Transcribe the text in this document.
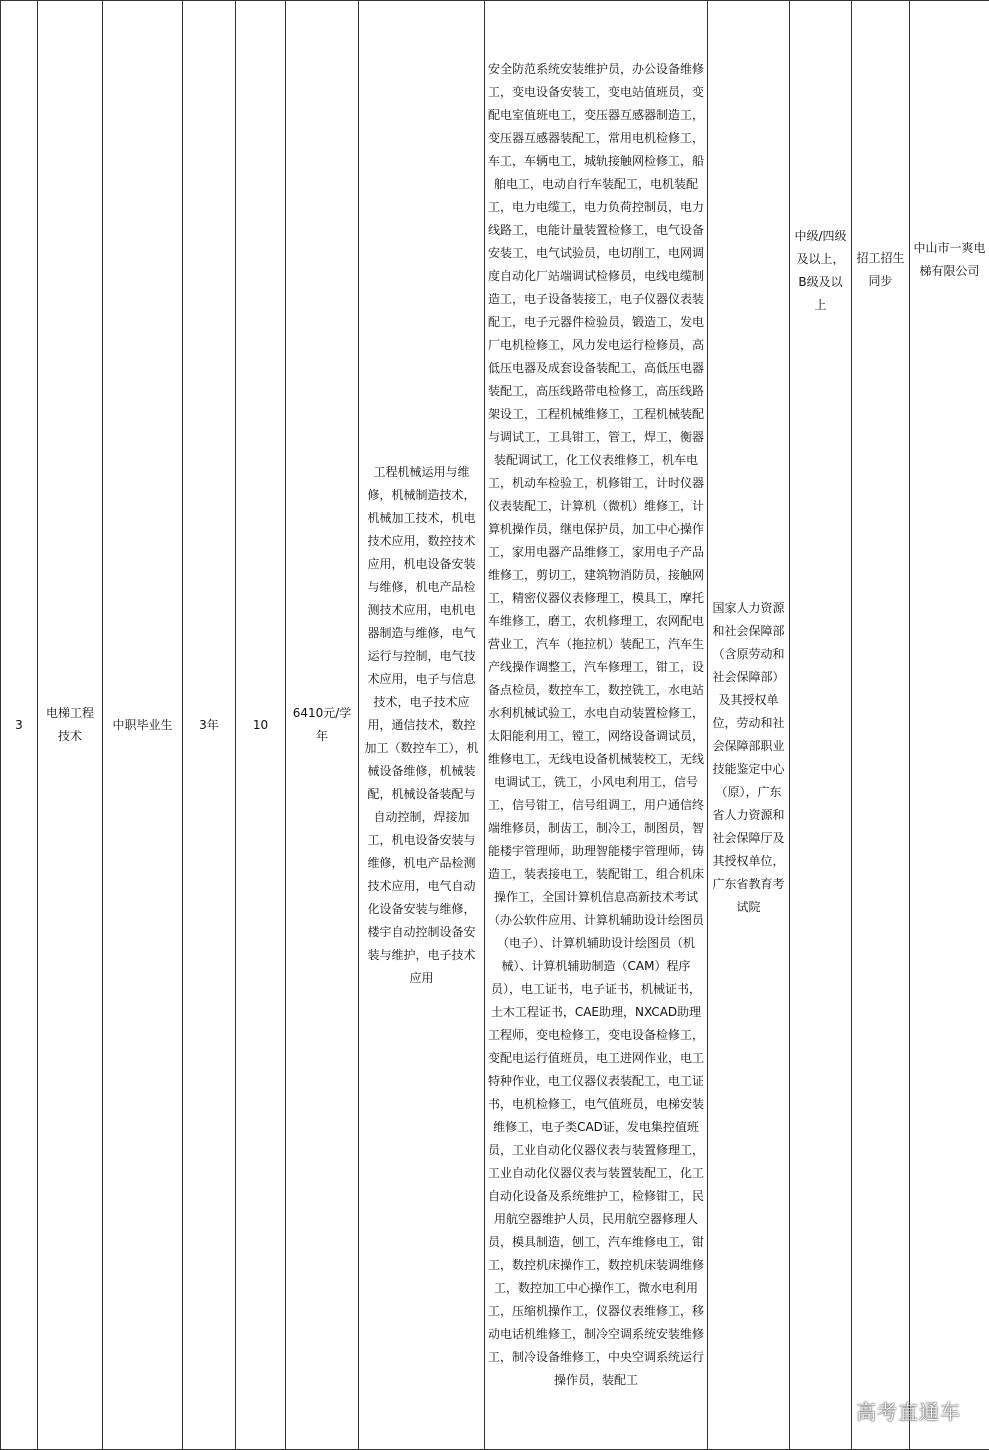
3	电梯工程技术	中职毕业生	3年	10	6410元/学年	工程机械运用与维修，机械制造技术，机械加工技术，机电技术应用，数控技术应用，机电设备安装与维修，机电产品检测技术应用，电机电器制造与维修，电气运行与控制，电气技术应用，电子与信息技术，电子技术应用，通信技术，数控加工（数控车工），机械设备维修，机械装配，机械设备装配与自动控制，焊接加工，机电设备安装与维修，机电产品检测技术应用，电气自动化设备安装与维修，楼宇自动控制设备安装与维护，电子技术应用	安全防范系统安装维护员，办公设备维修工，变电设备安装工，变电站值班员，变配电室值班电工，变压器互感器制造工，变压器互感器装配工，常用电机检修工，车工，车辆电工，城轨接触网检修工，船舶电工，电动自行车装配工，电机装配工，电力电缆工，电力负荷控制员，电力线路工，电能计量装置检修工，电气设备安装工，电气试验员，电切削工，电网调度自动化厂站端调试检修员，电线电缆制造工，电子设备装接工，电子仪器仪表装配工，电子元器件检验员，锻造工，发电厂电机检修工，风力发电运行检修员，高低压电器及成套设备装配工，高低压电器装配工，高压线路带电检修工，高压线路架设工，工程机械维修工，工程机械装配与调试工，工具钳工，管工，焊工，衡器装配调试工，化工仪表维修工，机车电工，机动车检验工，机修钳工，计时仪器仪表装配工，计算机（微机）维修工，计算机操作员，继电保护员，加工中心操作工，家用电器产品维修工，家用电子产品维修工，剪切工，建筑物消防员，接触网工，精密仪器仪表修理工，模具工，摩托车维修工，磨工，农机修理工，农网配电营业工，汽车（拖拉机）装配工，汽车生产线操作调整工，汽车修理工，钳工，设备点检员，数控车工，数控铣工，水电站水利机械试验工，水电自动装置检修工，太阳能利用工，镗工，网络设备调试员，维修电工，无线电设备机械装校工，无线电调试工，铣工，小风电利用工，信号工，信号钳工，信号组调工，用户通信终端维修员，制齿工，制冷工，制图员，智能楼宇管理师，助理智能楼宇管理师，铸造工，装表接电工，装配钳工，组合机床操作工，全国计算机信息高新技术考试（办公软件应用、计算机辅助设计绘图员（电子）、计算机辅助设计绘图员（机械）、计算机辅助制造（CAM）程序员），电工证书，电子证书，机械证书，土木工程证书，CAE助理，NXCAD助理工程师，变电检修工，变电设备检修工，变配电运行值班员，电工进网作业，电工特种作业，电工仪器仪表装配工，电工证书，电机检修工，电气值班员，电梯安装维修工，电子类CAD证，发电集控值班员，工业自动化仪器仪表与装置修理工，工业自动化仪器仪表与装置装配工，化工自动化设备及系统维护工，检修钳工，民用航空器维护人员，民用航空器修理人员，模具制造，刨工，汽车维修电工，钳工，数控机床操作工，数控机床装调维修工，数控加工中心操作工，微水电利用工，压缩机操作工，仪器仪表维修工，移动电话机维修工，制冷空调系统安装维修工，制冷设备维修工，中央空调系统运行操作员，装配工	国家人力资源和社会保障部（含原劳动和社会保障部）及其授权单位，劳动和社会保障部职业技能鉴定中心（原），广东省人力资源和社会保障厅及其授权单位，广东省教育考试院	中级/四级及以上，B级及以上	招工招生同步	中山市一爽电梯有限公司
高考直通车
